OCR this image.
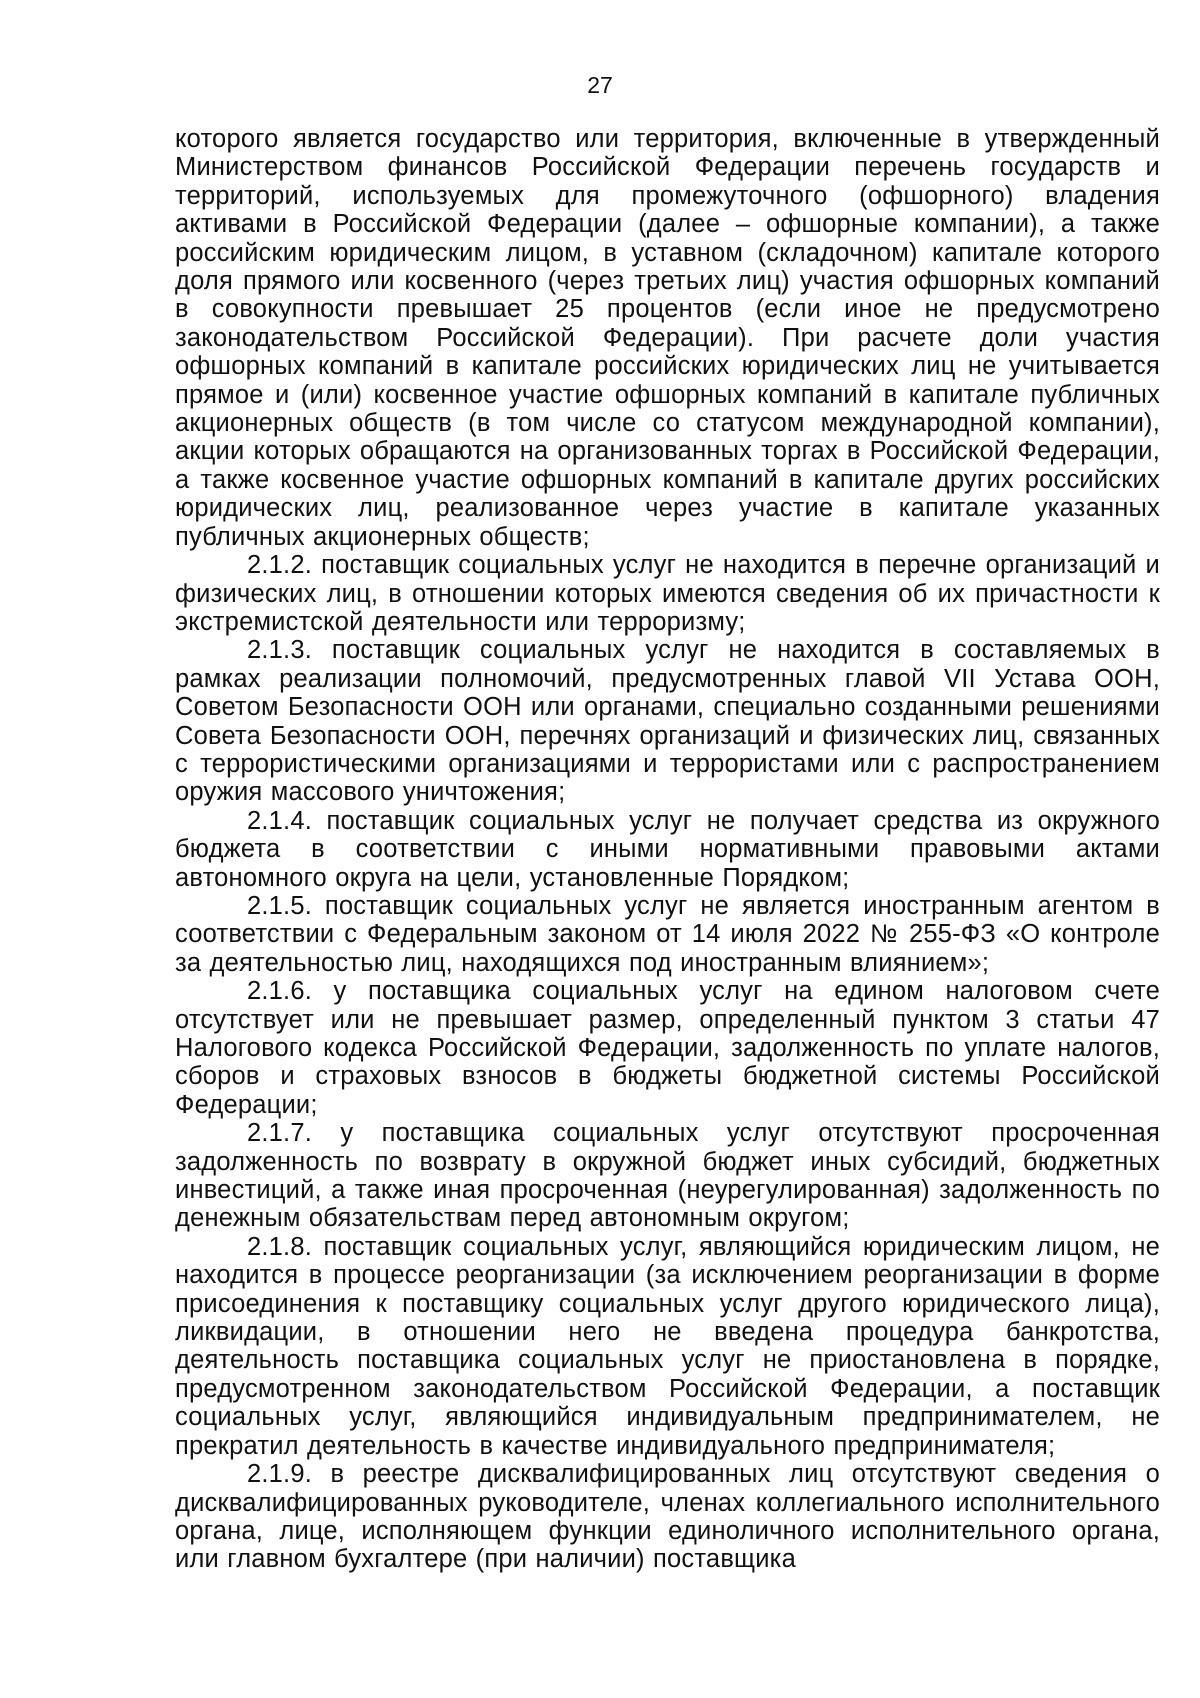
27

которого является государство или территория, включенные в утвержденный Министерством финансов Российской Федерации перечень государств и территорий, используемых для промежуточного (офшорного) владения активами в Российской Федерации (далее – офшорные компании), а также российским юридическим лицом, в уставном (складочном) капитале которого доля прямого или косвенного (через третьих лиц) участия офшорных компаний в совокупности превышает 25 процентов (если иное не предусмотрено законодательством Российской Федерации). При расчете доли участия офшорных компаний в капитале российских юридических лиц не учитывается прямое и (или) косвенное участие офшорных компаний в капитале публичных акционерных обществ (в том числе со статусом международной компании), акции которых обращаются на организованных торгах в Российской Федерации, а также косвенное участие офшорных компаний в капитале других российских юридических лиц, реализованное через участие в капитале указанных публичных акционерных обществ;

2.1.2. поставщик социальных услуг не находится в перечне организаций и физических лиц, в отношении которых имеются сведения об их причастности к экстремистской деятельности или терроризму;

2.1.3. поставщик социальных услуг не находится в составляемых в рамках реализации полномочий, предусмотренных главой VII Устава ООН, Советом Безопасности ООН или органами, специально созданными решениями Совета Безопасности ООН, перечнях организаций и физических лиц, связанных с террористическими организациями и террористами или с распространением оружия массового уничтожения;

2.1.4. поставщик социальных услуг не получает средства из окружного бюджета в соответствии с иными нормативными правовыми актами автономного округа на цели, установленные Порядком;

2.1.5. поставщик социальных услуг не является иностранным агентом в соответствии с Федеральным законом от 14 июля 2022 № 255-ФЗ «О контроле за деятельностью лиц, находящихся под иностранным влиянием»;

2.1.6. у поставщика социальных услуг на едином налоговом счете отсутствует или не превышает размер, определенный пунктом 3 статьи 47 Налогового кодекса Российской Федерации, задолженность по уплате налогов, сборов и страховых взносов в бюджеты бюджетной системы Российской Федерации;

2.1.7. у поставщика социальных услуг отсутствуют просроченная задолженность по возврату в окружной бюджет иных субсидий, бюджетных инвестиций, а также иная просроченная (неурегулированная) задолженность по денежным обязательствам перед автономным округом;

2.1.8. поставщик социальных услуг, являющийся юридическим лицом, не находится в процессе реорганизации (за исключением реорганизации в форме присоединения к поставщику социальных услуг другого юридического лица), ликвидации, в отношении него не введена процедура банкротства, деятельность поставщика социальных услуг не приостановлена в порядке, предусмотренном законодательством Российской Федерации, а поставщик социальных услуг, являющийся индивидуальным предпринимателем, не прекратил деятельность в качестве индивидуального предпринимателя;

2.1.9. в реестре дисквалифицированных лиц отсутствуют сведения о дисквалифицированных руководителе, членах коллегиального исполнительного органа, лице, исполняющем функции единоличного исполнительного органа, или главном бухгалтере (при наличии) поставщика
